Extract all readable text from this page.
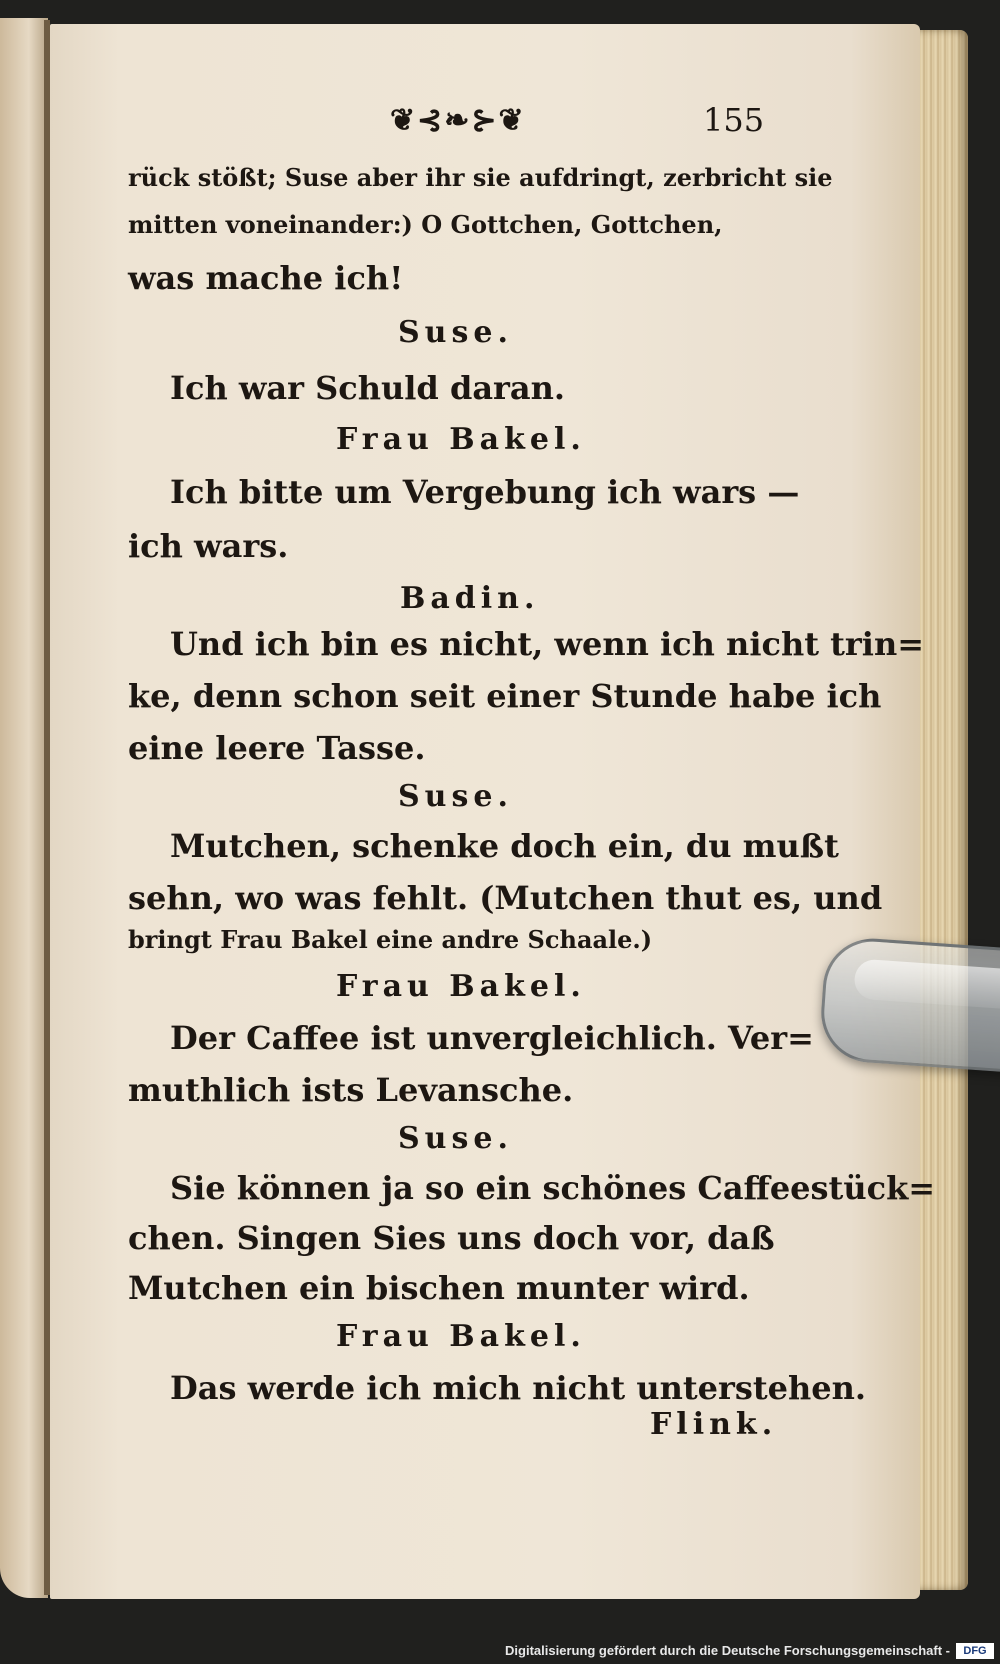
❦⊰❧⊱❦	155
rück stößt; Suse aber ihr sie aufdringt, zerbricht sie
mitten voneinander:) O Gottchen, Gottchen,
was mache ich!
Suse.
Ich war Schuld daran.
Frau Bakel.
Ich bitte um Vergebung ich wars —
ich wars.
Badin.
Und ich bin es nicht, wenn ich nicht trin=
ke, denn schon seit einer Stunde habe ich
eine leere Tasse.
Suse.
Mutchen, schenke doch ein, du mußt
sehn, wo was fehlt. (Mutchen thut es, und
bringt Frau Bakel eine andre Schaale.)
Frau Bakel.
Der Caffee ist unvergleichlich. Ver=
muthlich ists Levansche.
Suse.
Sie können ja so ein schönes Caffeestück=
chen. Singen Sies uns doch vor, daß
Mutchen ein bischen munter wird.
Frau Bakel.
Das werde ich mich nicht unterstehen.
Flink.
Digitalisierung gefördert durch die Deutsche Forschungsgemeinschaft -	DFG
